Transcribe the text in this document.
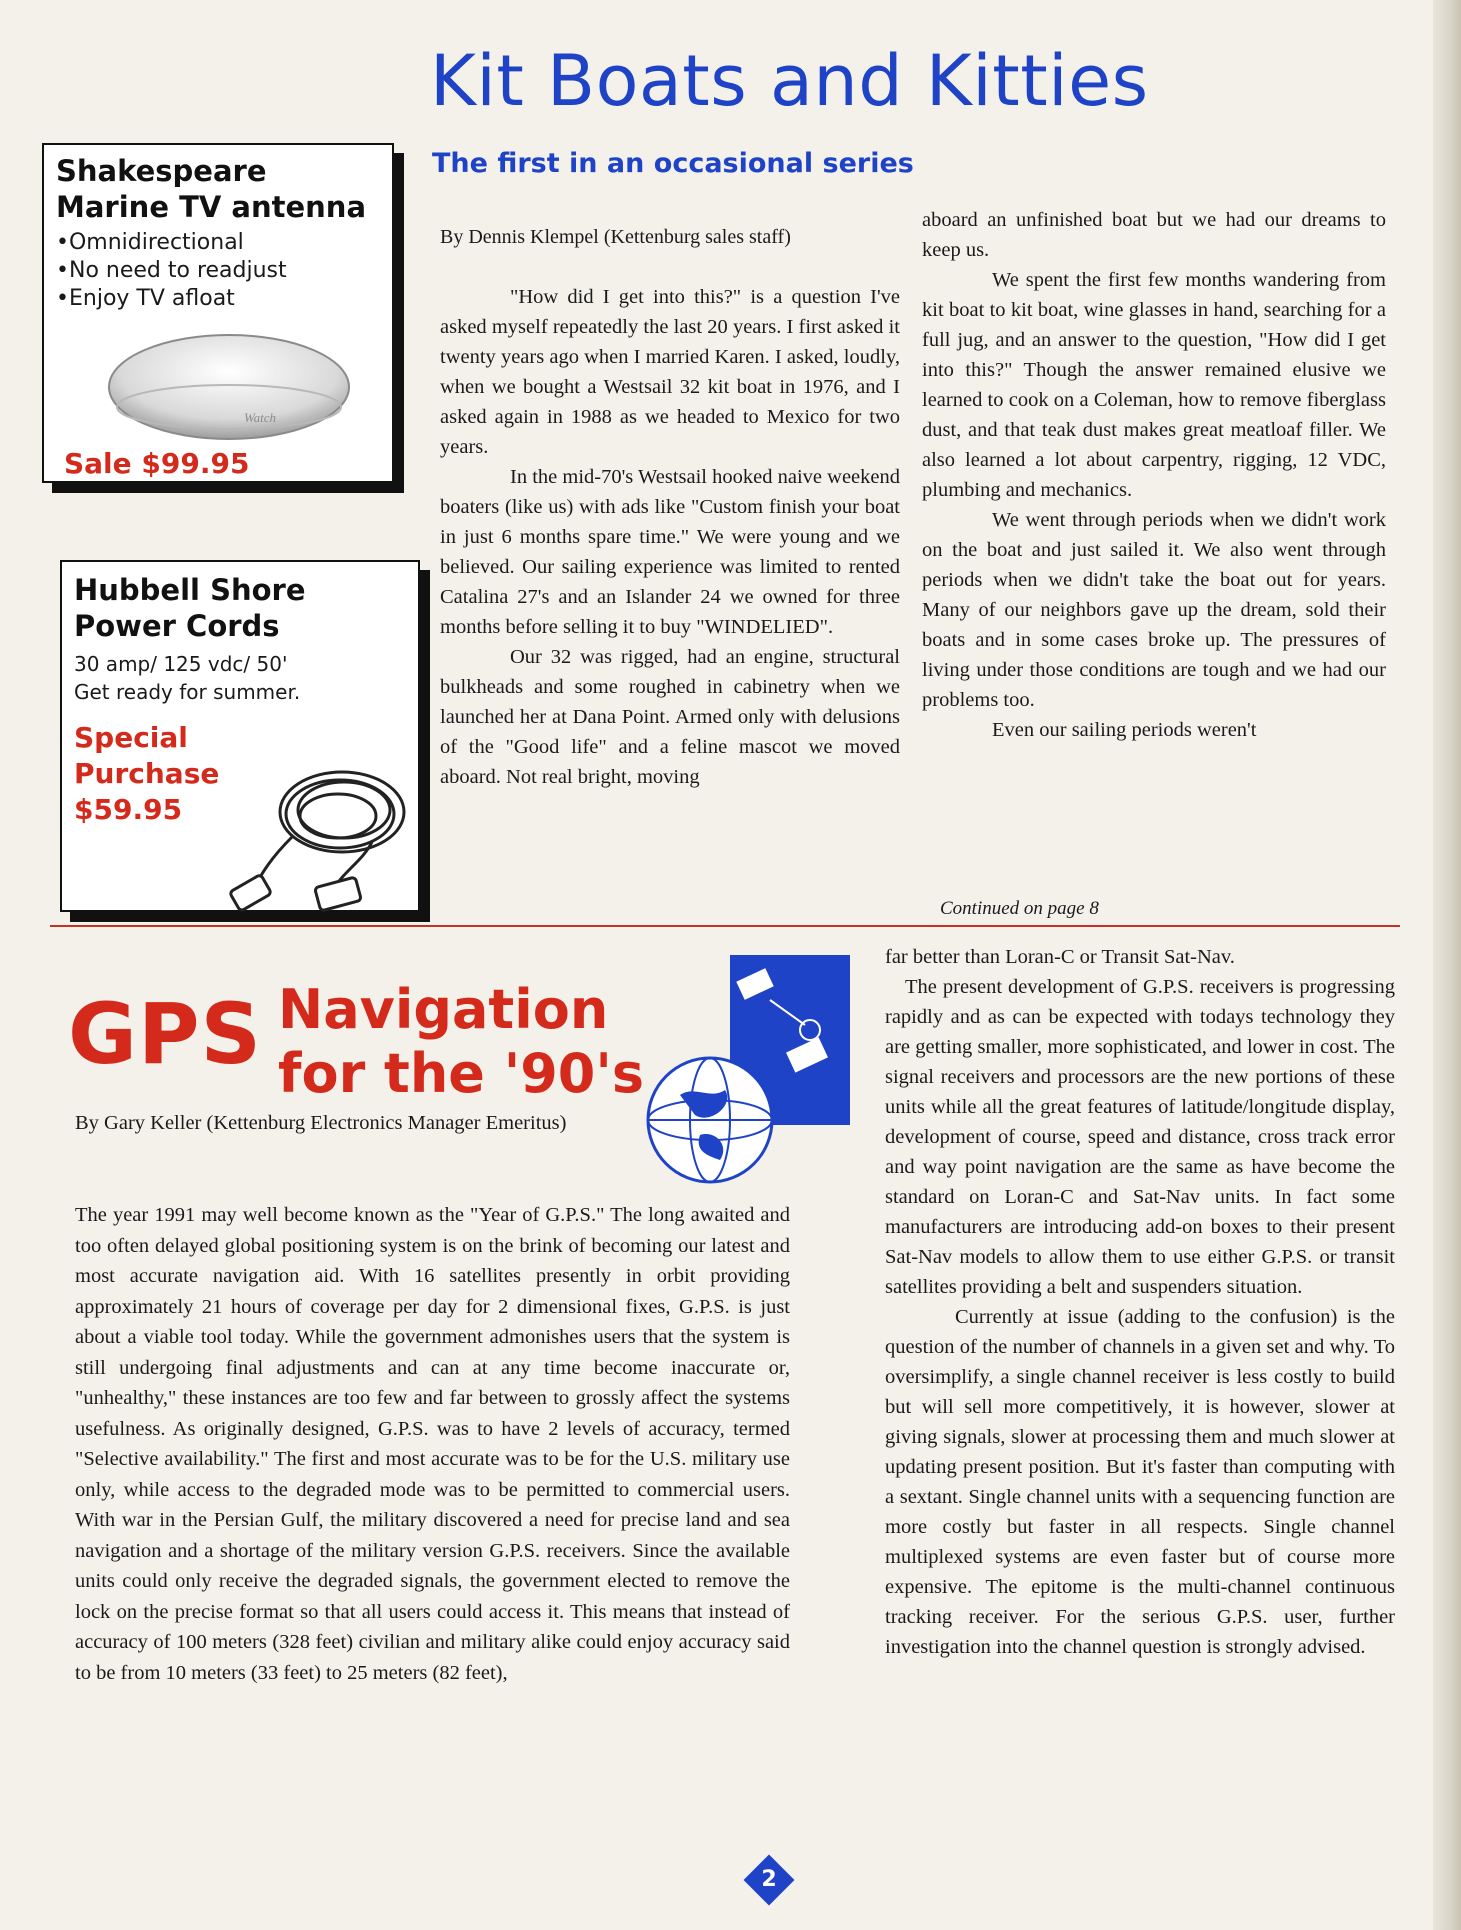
Kit Boats and Kitties
The first in an occasional series
Shakespeare
Marine TV antenna
• Omnidirectional
• No need to readjust
• Enjoy TV afloat
Watch
Sale $99.95
Hubbell Shore
Power Cords
30 amp/ 125 vdc/ 50'
Get ready for summer.
Special
Purchase
$59.95

By Dennis Klempel (Kettenburg sales staff)

"How did I get into this?" is a question I've asked myself repeatedly the last 20 years. I first asked it twenty years ago when I married Karen. I asked, loudly, when we bought a Westsail 32 kit boat in 1976, and I asked again in 1988 as we headed to Mexico for two years.

In the mid-70's Westsail hooked naive weekend boaters (like us) with ads like "Custom finish your boat in just 6 months spare time." We were young and we believed. Our sailing experience was limited to rented Catalina 27's and an Islander 24 we owned for three months before selling it to buy "WINDELIED".

Our 32 was rigged, had an engine, structural bulkheads and some roughed in cabinetry when we launched her at Dana Point. Armed only with delusions of the "Good life" and a feline mascot we moved aboard. Not real bright, moving

aboard an unfinished boat but we had our dreams to keep us.

We spent the first few months wandering from kit boat to kit boat, wine glasses in hand, searching for a full jug, and an answer to the question, "How did I get into this?" Though the answer remained elusive we learned to cook on a Coleman, how to remove fiberglass dust, and that teak dust makes great meatloaf filler. We also learned a lot about carpentry, rigging, 12 VDC, plumbing and mechanics.

We went through periods when we didn't work on the boat and just sailed it. We also went through periods when we didn't take the boat out for years. Many of our neighbors gave up the dream, sold their boats and in some cases broke up. The pressures of living under those conditions are tough and we had our problems too.

Even our sailing periods weren't

Continued on page 8
GPS Navigation
for the '90's

By Gary Keller (Kettenburg Electronics Manager Emeritus)

The year 1991 may well become known as the "Year of G.P.S." The long awaited and too often delayed global positioning system is on the brink of becoming our latest and most accurate navigation aid. With 16 satellites presently in orbit providing approximately 21 hours of coverage per day for 2 dimensional fixes, G.P.S. is just about a viable tool today. While the government admonishes users that the system is still undergoing final adjustments and can at any time become inaccurate or, "unhealthy," these instances are too few and far between to grossly affect the systems usefulness. As originally designed, G.P.S. was to have 2 levels of accuracy, termed "Selective availability." The first and most accurate was to be for the U.S. military use only, while access to the degraded mode was to be permitted to commercial users. With war in the Persian Gulf, the military discovered a need for precise land and sea navigation and a shortage of the military version G.P.S. receivers. Since the available units could only receive the degraded signals, the government elected to remove the lock on the precise format so that all users could access it. This means that instead of accuracy of 100 meters (328 feet) civilian and military alike could enjoy accuracy said to be from 10 meters (33 feet) to 25 meters (82 feet),

far better than Loran-C or Transit Sat-Nav.

The present development of G.P.S. receivers is progressing rapidly and as can be expected with todays technology they are getting smaller, more sophisticated, and lower in cost. The signal receivers and processors are the new portions of these units while all the great features of latitude/longitude display, development of course, speed and distance, cross track error and way point navigation are the same as have become the standard on Loran-C and Sat-Nav units. In fact some manufacturers are introducing add-on boxes to their present Sat-Nav models to allow them to use either G.P.S. or transit satellites providing a belt and suspenders situation.

Currently at issue (adding to the confusion) is the question of the number of channels in a given set and why. To oversimplify, a single channel receiver is less costly to build but will sell more competitively, it is however, slower at giving signals, slower at processing them and much slower at updating present position. But it's faster than computing with a sextant. Single channel units with a sequencing function are more costly but faster in all respects. Single channel multiplexed systems are even faster but of course more expensive. The epitome is the multi-channel continuous tracking receiver. For the serious G.P.S. user, further investigation into the channel question is strongly advised.

2
